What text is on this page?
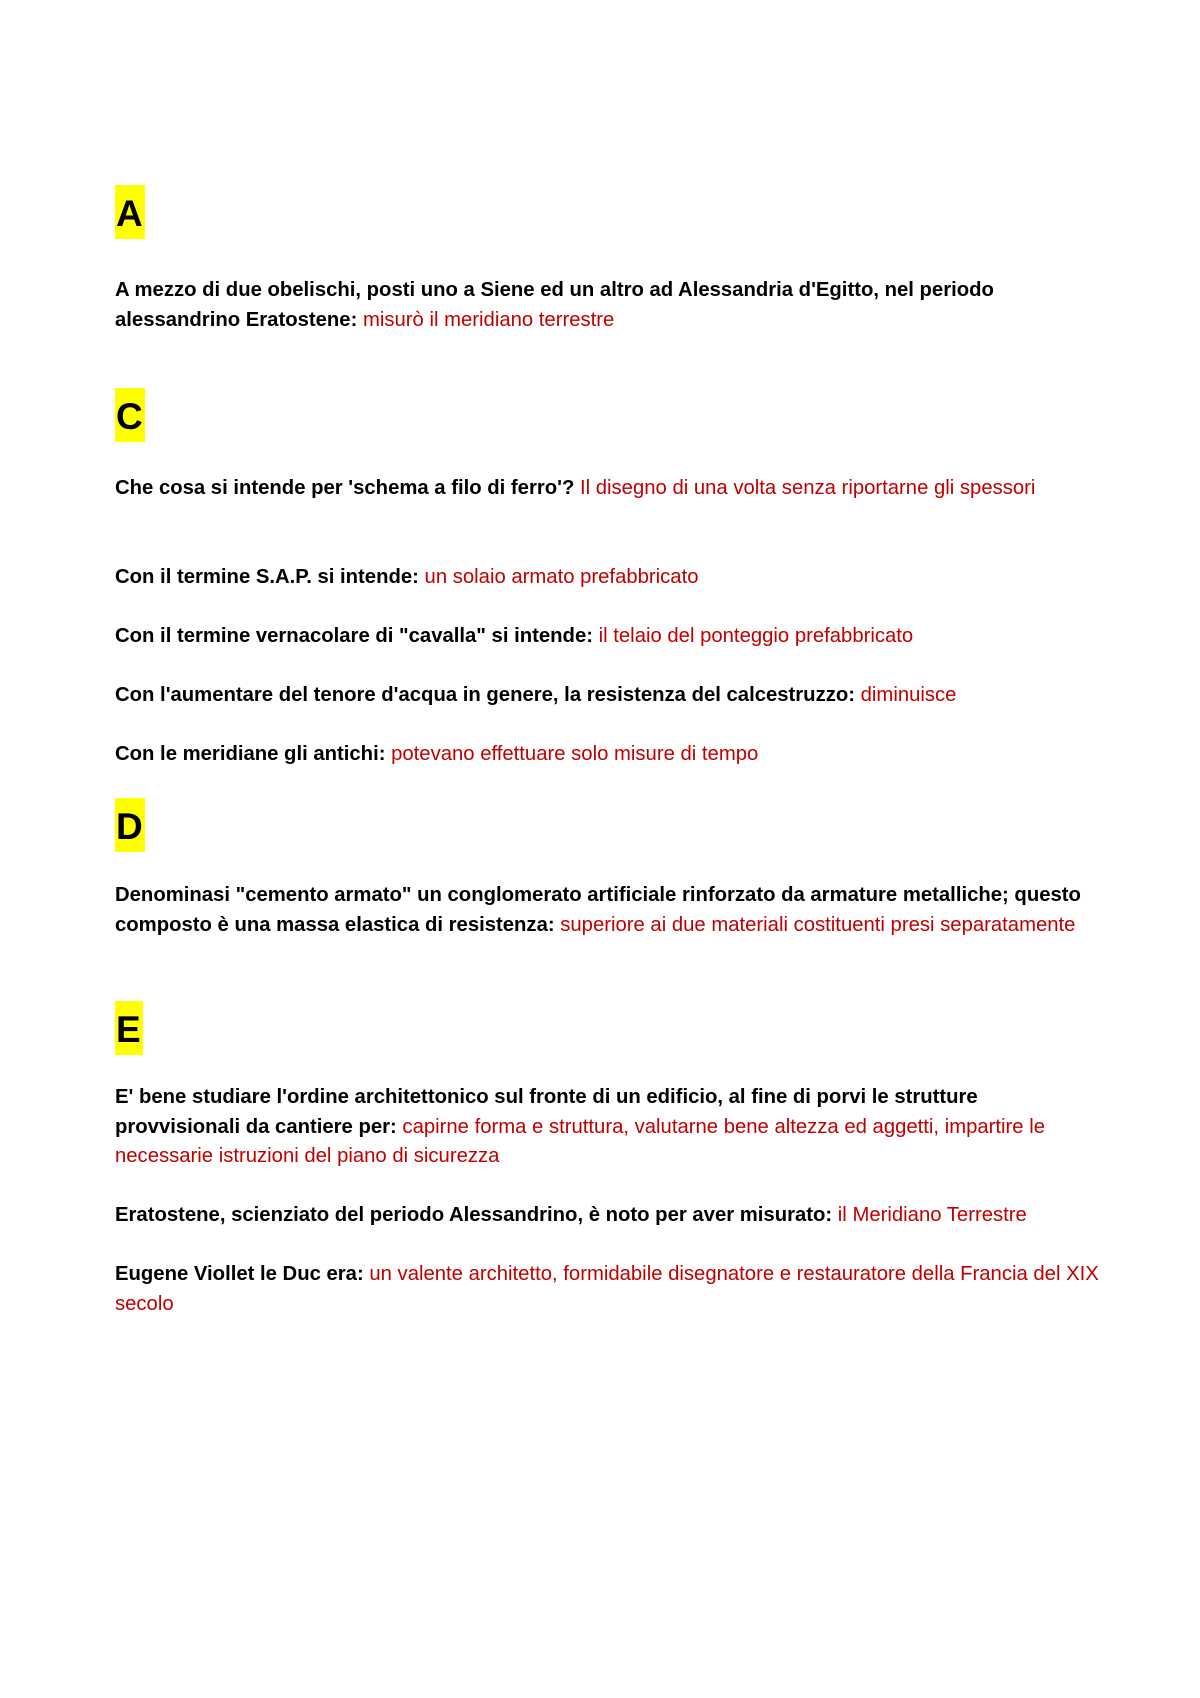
A
A mezzo di due obelischi, posti uno a Siene ed un altro ad Alessandria d'Egitto, nel periodo alessandrino Eratostene: misurò il meridiano terrestre
C
Che cosa si intende per 'schema a filo di ferro'? Il disegno di una volta senza riportarne gli spessori
Con il termine S.A.P. si intende: un solaio armato prefabbricato
Con il termine vernacolare di "cavalla" si intende: il telaio del ponteggio prefabbricato
Con l'aumentare del tenore d'acqua in genere, la resistenza del calcestruzzo: diminuisce
Con le meridiane gli antichi: potevano effettuare solo misure di tempo
D
Denominasi "cemento armato" un conglomerato artificiale rinforzato da armature metalliche; questo composto è una massa elastica di resistenza: superiore ai due materiali costituenti presi separatamente
E
E' bene studiare l'ordine architettonico sul fronte di un edificio, al fine di porvi le strutture provvisionali da cantiere per: capirne forma e struttura, valutarne bene altezza ed aggetti, impartire le necessarie istruzioni del piano di sicurezza
Eratostene, scienziato del periodo Alessandrino, è noto per aver misurato: il Meridiano Terrestre
Eugene Viollet le Duc era: un valente architetto, formidabile disegnatore e restauratore della Francia del XIX secolo
